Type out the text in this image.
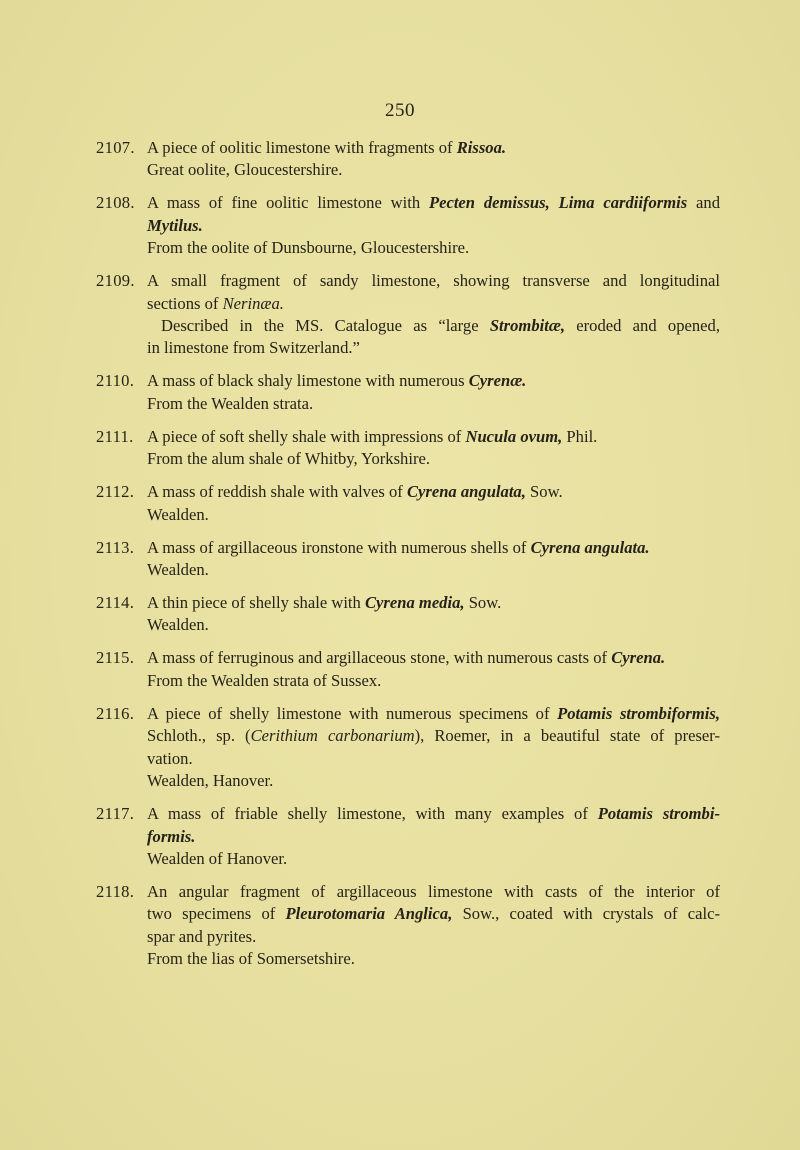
250
2107. A piece of oolitic limestone with fragments of Rissoa.
Great oolite, Gloucestershire.
2108. A mass of fine oolitic limestone with Pecten demissus, Lima cardiiformis and
Mytilus.
From the oolite of Dunsbourne, Gloucestershire.
2109. A small fragment of sandy limestone, showing transverse and longitudinal
sections of Nerinæa.
Described in the MS. Catalogue as “large Strombitæ, eroded and opened,
in limestone from Switzerland.”
2110. A mass of black shaly limestone with numerous Cyrenæ.
From the Wealden strata.
2111. A piece of soft shelly shale with impressions of Nucula ovum, Phil.
From the alum shale of Whitby, Yorkshire.
2112. A mass of reddish shale with valves of Cyrena angulata, Sow.
Wealden.
2113. A mass of argillaceous ironstone with numerous shells of Cyrena angulata.
Wealden.
2114. A thin piece of shelly shale with Cyrena media, Sow.
Wealden.
2115. A mass of ferruginous and argillaceous stone, with numerous casts of Cyrena.
From the Wealden strata of Sussex.
2116. A piece of shelly limestone with numerous specimens of Potamis strombiformis,
Schloth., sp. (Cerithium carbonarium), Roemer, in a beautiful state of preser-
vation.
Wealden, Hanover.
2117. A mass of friable shelly limestone, with many examples of Potamis strombi-
formis.
Wealden of Hanover.
2118. An angular fragment of argillaceous limestone with casts of the interior of
two specimens of Pleurotomaria Anglica, Sow., coated with crystals of calc-
spar and pyrites.
From the lias of Somersetshire.
